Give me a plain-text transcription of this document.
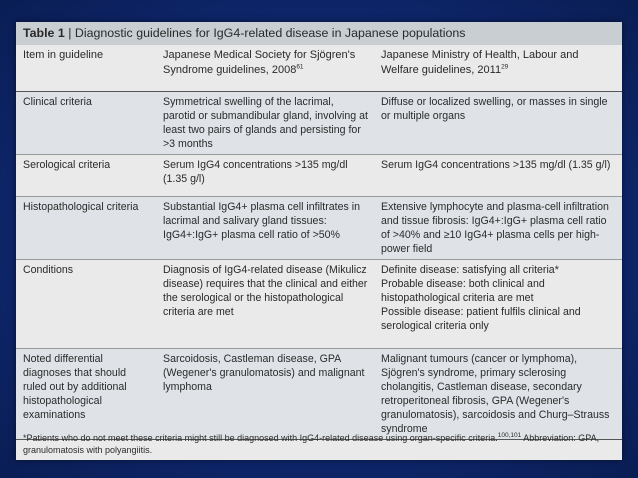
Table 1 | Diagnostic guidelines for IgG4-related disease in Japanese populations
Item in guideline	Japanese Medical Society for Sjögren's Syndrome guidelines, 2008$^{61}$	Japanese Ministry of Health, Labour and Welfare guidelines, 2011$^{29}$
Clinical criteria	Symmetrical swelling of the lacrimal, parotid or submandibular gland, involving at least two pairs of glands and persisting for >3 months	Diffuse or localized swelling, or masses in single or multiple organs

Serological criteria	Serum IgG4 concentrations >135 mg/dl (1.35 g/l)	Serum IgG4 concentrations >135 mg/dl (1.35 g/l)

Histopathological criteria	Substantial IgG4+ plasma cell infiltrates in lacrimal and salivary gland tissues: IgG4+:IgG+ plasma cell ratio of >50%	Extensive lymphocyte and plasma-cell infiltration and tissue fibrosis: IgG4+:IgG+ plasma cell ratio of >40% and ≥10 IgG4+ plasma cells per high-power field

Conditions	Diagnosis of IgG4-related disease (Mikulicz disease) requires that the clinical and either the serological or the histopathological criteria are met	Definite disease: satisfying all criteria*
Probable disease: both clinical and histopathological criteria are met
Possible disease: patient fulfils clinical and serological criteria only

Noted differential diagnoses that should ruled out by additional histopathological examinations	Sarcoidosis, Castleman disease, GPA (Wegener's granulomatosis) and malignant lymphoma	Malignant tumours (cancer or lymphoma), Sjögren's syndrome, primary sclerosing cholangitis, Castleman disease, secondary retroperitoneal fibrosis, GPA (Wegener's granulomatosis), sarcoidosis and Churg–Strauss syndrome
*Patients who do not meet these criteria might still be diagnosed with IgG4-related disease using organ-specific criteria.$^{100,101}$ Abbreviation: GPA, granulomatosis with polyangiitis.
